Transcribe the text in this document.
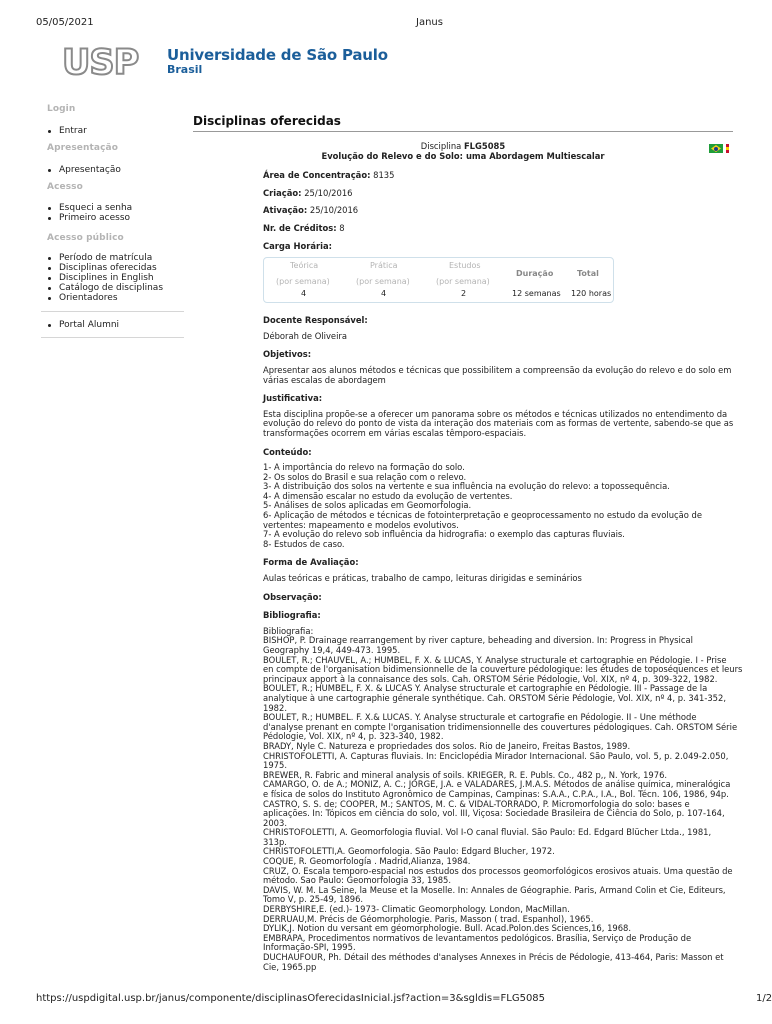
05/05/2021	Janus
USP Universidade de São Paulo
Brasil
Login
Entrar
Apresentação
Apresentação
Acesso
Esqueci a senha
Primeiro acesso
Acesso público
Período de matrícula
Disciplinas oferecidas
Disciplines in English
Catálogo de disciplinas
Orientadores
Portal Alumni
Disciplinas oferecidas
Disciplina FLG5085
Evolução do Relevo e do Solo: uma Abordagem Multiescalar
Área de Concentração: 8135
Criação: 25/10/2016
Ativação: 25/10/2016
Nr. de Créditos: 8
Carga Horária:
Teórica	Prática	Estudos
Duração	Total
(por semana)	(por semana)	(por semana)
4	4	2	12 semanas 120 horas
Docente Responsável:
Déborah de Oliveira
Objetivos:
Apresentar aos alunos métodos e técnicas que possibilitem a compreensão da evolução do relevo e do solo em
várias escalas de abordagem
Justificativa:
Esta disciplina propõe-se a oferecer um panorama sobre os métodos e técnicas utilizados no entendimento da
evolução do relevo do ponto de vista da interação dos materiais com as formas de vertente, sabendo-se que as
transformações ocorrem em várias escalas têmporo-espaciais.
Conteúdo:
1- A importância do relevo na formação do solo.
2- Os solos do Brasil e sua relação com o relevo.
3- A distribuição dos solos na vertente e sua influência na evolução do relevo: a topossequência.
4- A dimensão escalar no estudo da evolução de vertentes.
5- Análises de solos aplicadas em Geomorfologia.
6- Aplicação de métodos e técnicas de fotointerpretação e geoprocessamento no estudo da evolução de
vertentes: mapeamento e modelos evolutivos.
7- A evolução do relevo sob influência da hidrografia: o exemplo das capturas fluviais.
8- Estudos de caso.
Forma de Avaliação:
Aulas teóricas e práticas, trabalho de campo, leituras dirigidas e seminários
Observação:
Bibliografia:
Bibliografia:
BISHOP, P. Drainage rearrangement by river capture, beheading and diversion. In: Progress in Physical
Geography 19,4, 449-473. 1995.
BOULET, R.; CHAUVEL, A.; HUMBEL, F. X. & LUCAS, Y. Analyse structurale et cartographie en Pédologie. I - Prise
en compte de l'organisation bidimensionnelle de la couverture pédologique: les études de toposéquences et leurs
principaux apport à la connaisance des sols. Cah. ORSTOM Série Pédologie, Vol. XIX, nº 4, p. 309-322, 1982.
BOULET, R.; HUMBEL, F. X. & LUCAS Y. Analyse structurale et cartographie en Pédologie. III - Passage de la
analytique à une cartographie génerale synthétique. Cah. ORSTOM Série Pédologie, Vol. XIX, nº 4, p. 341-352,
1982.
BOULET, R.; HUMBEL. F. X.& LUCAS. Y. Analyse structurale et cartografie en Pédologie. II - Une méthode
d'analyse prenant en compte l'organisation tridimensionnelle des couvertures pédologiques. Cah. ORSTOM Série
Pédologie, Vol. XIX, nº 4, p. 323-340, 1982.
BRADY, Nyle C. Natureza e propriedades dos solos. Rio de Janeiro, Freitas Bastos, 1989.
CHRISTOFOLETTI, A. Capturas fluviais. In: Enciclopédia Mirador Internacional. São Paulo, vol. 5, p. 2.049-2.050,
1975.
BREWER, R. Fabric and mineral analysis of soils. KRIEGER, R. E. Publs. Co., 482 p,, N. York, 1976.
CAMARGO, O. de A.; MONIZ, A. C.; JORGE, J.A. e VALADARES, J.M.A.S. Métodos de análise química, mineralógica
e física de solos do Instituto Agronômico de Campinas, Campinas: S.A.A., C.P.A., I.A., Bol. Técn. 106, 1986, 94p.
CASTRO, S. S. de; COOPER, M.; SANTOS, M. C. & VIDAL-TORRADO, P. Micromorfologia do solo: bases e
aplicações. In: Tópicos em ciência do solo, vol. III, Viçosa: Sociedade Brasileira de Ciência do Solo, p. 107-164,
2003.
CHRISTOFOLETTI, A. Geomorfologia fluvial. Vol I-O canal fluvial. São Paulo: Ed. Edgard Blücher Ltda., 1981,
313p.
CHRISTOFOLETTI,A. Geomorfologia. São Paulo: Edgard Blucher, 1972.
COQUE, R. Geomorfología . Madrid,Alianza, 1984.
CRUZ, O. Escala temporo-espacial nos estudos dos processos geomorfológicos erosivos atuais. Uma questão de
método. Sao Paulo: Geomorfologia 33, 1985.
DAVIS, W. M. La Seine, la Meuse et la Moselle. In: Annales de Géographie. Paris, Armand Colin et Cie, Editeurs,
Tomo V, p. 25-49, 1896.
DERBYSHIRE,E. (ed.)- 1973- Climatic Geomorphology. London, MacMillan.
DERRUAU,M. Précis de Géomorphologie. Paris, Masson ( trad. Espanhol), 1965.
DYLIK,J. Notion du versant em géomorphologie. Bull. Acad.Polon.des Sciences,16, 1968.
EMBRAPA, Procedimentos normativos de levantamentos pedológicos. Brasília, Serviço de Produção de
Informação-SPI, 1995.
DUCHAUFOUR, Ph. Détail des méthodes d'analyses Annexes in Précis de Pédologie, 413-464, Paris: Masson et
Cie, 1965.pp
https://uspdigital.usp.br/janus/componente/disciplinasOferecidasInicial.jsf?action=3&sgldis=FLG5085	1/2
